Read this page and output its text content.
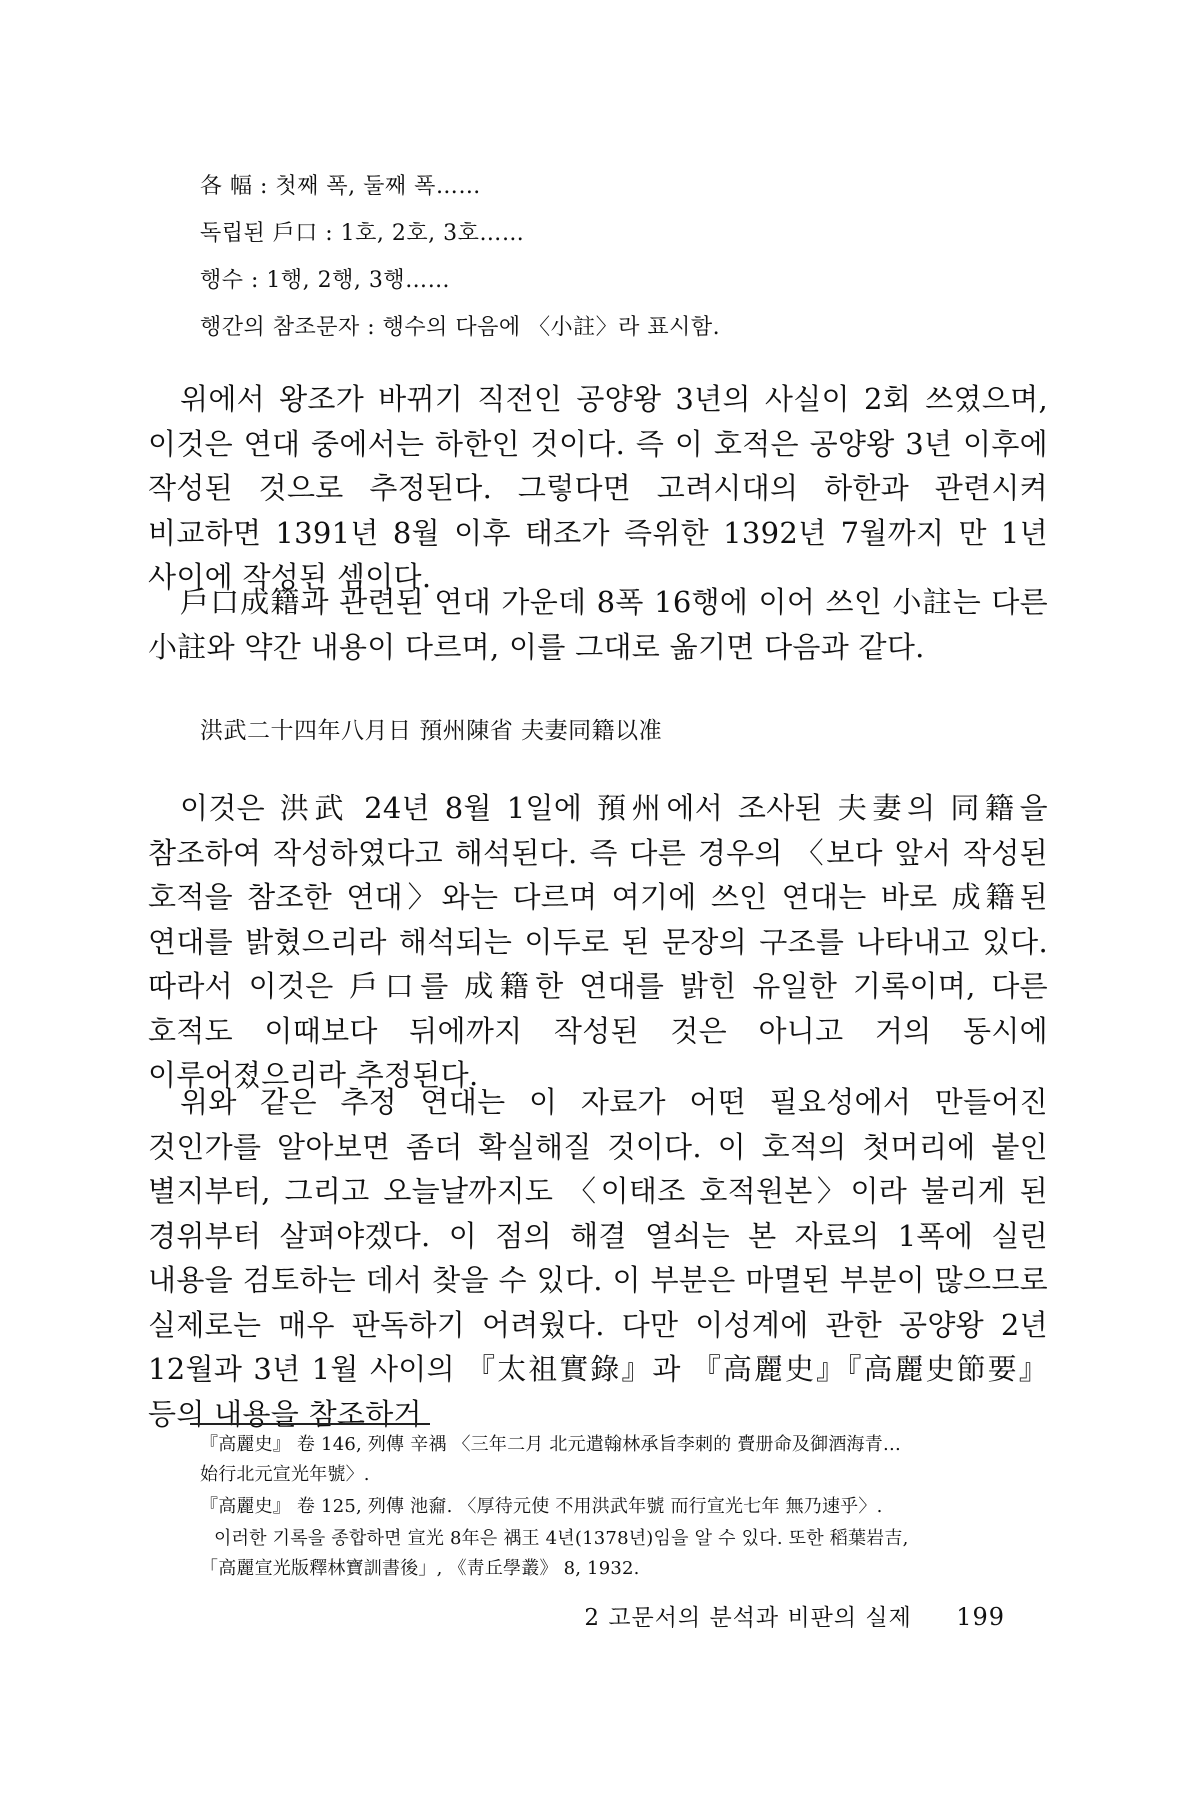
各 幅 : 첫째 폭, 둘째 폭……
독립된 戶口 : 1호, 2호, 3호……
행수 : 1행, 2행, 3행……
행간의 참조문자 : 행수의 다음에 〈小註〉라 표시함.

위에서 왕조가 바뀌기 직전인 공양왕 3년의 사실이 2회 쓰였으며, 이것은 연대 중에서는 하한인 것이다. 즉 이 호적은 공양왕 3년 이후에 작성된 것으로 추정된다. 그렇다면 고려시대의 하한과 관련시켜 비교하면 1391년 8월 이후 태조가 즉위한 1392년 7월까지 만 1년 사이에 작성된 셈이다.

戶口成籍과 관련된 연대 가운데 8폭 16행에 이어 쓰인 小註는 다른 小註와 약간 내용이 다르며, 이를 그대로 옮기면 다음과 같다.

洪武二十四年八月日 預州陳省 夫妻同籍以准

이것은 洪武 24년 8월 1일에 預州에서 조사된 夫妻의 同籍을 참조하여 작성하였다고 해석된다. 즉 다른 경우의 〈보다 앞서 작성된 호적을 참조한 연대〉와는 다르며 여기에 쓰인 연대는 바로 成籍된 연대를 밝혔으리라 해석되는 이두로 된 문장의 구조를 나타내고 있다. 따라서 이것은 戶口를 成籍한 연대를 밝힌 유일한 기록이며, 다른 호적도 이때보다 뒤에까지 작성된 것은 아니고 거의 동시에 이루어졌으리라 추정된다.

위와 같은 추정 연대는 이 자료가 어떤 필요성에서 만들어진 것인가를 알아보면 좀더 확실해질 것이다. 이 호적의 첫머리에 붙인 별지부터, 그리고 오늘날까지도 〈이태조 호적원본〉이라 불리게 된 경위부터 살펴야겠다. 이 점의 해결 열쇠는 본 자료의 1폭에 실린 내용을 검토하는 데서 찾을 수 있다. 이 부분은 마멸된 부분이 많으므로 실제로는 매우 판독하기 어려웠다. 다만 이성계에 관한 공양왕 2년 12월과 3년 1월 사이의 『太祖實錄』과 『高麗史』『高麗史節要』 등의 내용을 참조하거

『高麗史』 卷 146, 列傳 辛禑 〈三年二月 北元遣翰林承旨李刺的 賷册命及御酒海青…始行北元宣光年號〉.

『高麗史』 卷 125, 列傳 池奫. 〈厚待元使 不用洪武年號 而行宣光七年 無乃速乎〉.

이러한 기록을 종합하면 宣光 8年은 禑王 4년(1378년)임을 알 수 있다. 또한 稻葉岩吉, 「高麗宣光版釋林寶訓書後」, 《靑丘學叢》 8, 1932.

2 고문서의 분석과 비판의 실제 199
